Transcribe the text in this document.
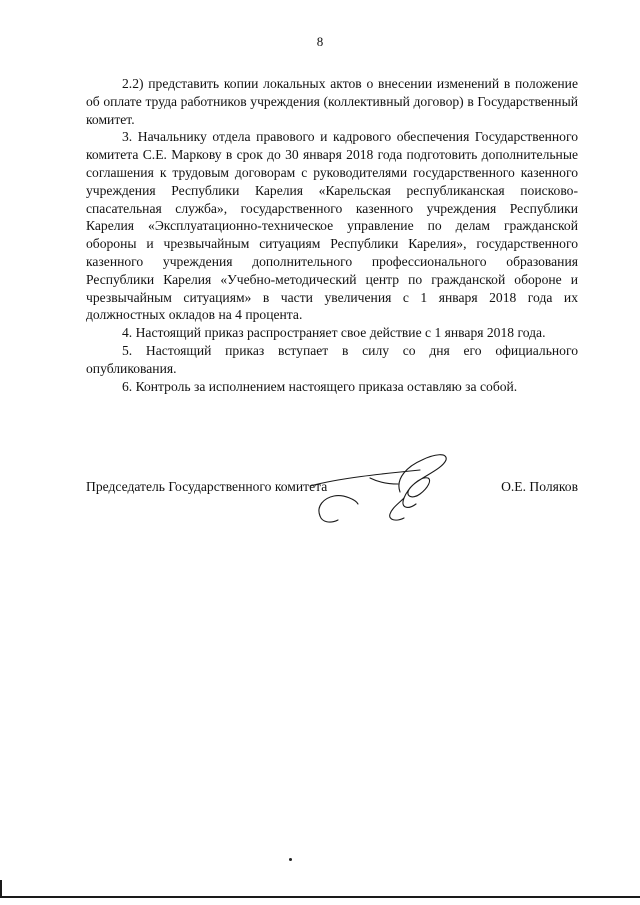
8

2.2) представить копии локальных актов о внесении изменений в положение об оплате труда работников учреждения (коллективный договор) в Государственный комитет.

3. Начальнику отдела правового и кадрового обеспечения Государственного комитета С.Е. Маркову в срок до 30 января 2018 года подготовить дополнительные соглашения к трудовым договорам с руководителями государственного казенного учреждения Республики Карелия «Карельская республиканская поисково-спасательная служба», государственного казенного учреждения Республики Карелия «Эксплуатационно-техническое управление по делам гражданской обороны и чрезвычайным ситуациям Республики Карелия», государственного казенного учреждения дополнительного профессионального образования Республики Карелия «Учебно-методический центр по гражданской обороне и чрезвычайным ситуациям» в части увеличения с 1 января 2018 года их должностных окладов на 4 процента.

4. Настоящий приказ распространяет свое действие с 1 января 2018 года.

5. Настоящий приказ вступает в силу со дня его официального опубликования.

6. Контроль за исполнением настоящего приказа оставляю за собой.

Председатель Государственного комитета	О.Е. Поляков
